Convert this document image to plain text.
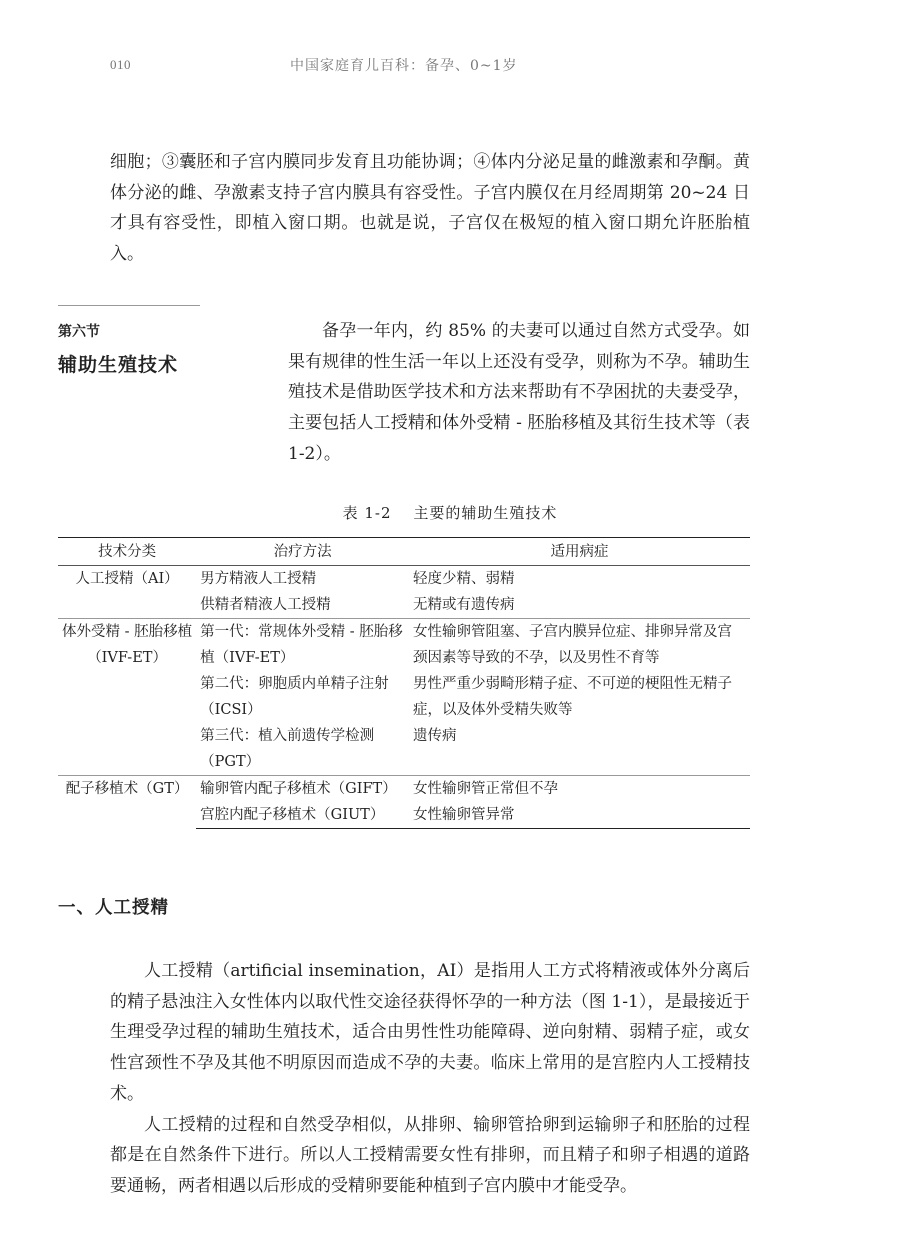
010	中国家庭育儿百科：备孕、0~1岁

细胞；③囊胚和子宫内膜同步发育且功能协调；④体内分泌足量的雌激素和孕酮。黄体分泌的雌、孕激素支持子宫内膜具有容受性。子宫内膜仅在月经周期第 20~24 日才具有容受性，即植入窗口期。也就是说，子宫仅在极短的植入窗口期允许胚胎植入。

第六节
辅助生殖技术
备孕一年内，约 85% 的夫妻可以通过自然方式受孕。如果有规律的性生活一年以上还没有受孕，则称为不孕。辅助生殖技术是借助医学技术和方法来帮助有不孕困扰的夫妻受孕，主要包括人工授精和体外受精 - 胚胎移植及其衍生技术等（表 1-2）。
表 1-2 主要的辅助生殖技术
技术分类	治疗方法	适用病症
人工授精（AI）	男方精液人工授精	轻度少精、弱精
	供精者精液人工授精	无精或有遗传病
体外受精 - 胚胎移植（IVF-ET）	第一代：常规体外受精 - 胚胎移植（IVF-ET）	女性输卵管阻塞、子宫内膜异位症、排卵异常及宫颈因素等导致的不孕，以及男性不育等
	第二代：卵胞质内单精子注射（ICSI）	男性严重少弱畸形精子症、不可逆的梗阻性无精子症，以及体外受精失败等
	第三代：植入前遗传学检测（PGT）	遗传病
配子移植术（GT）	输卵管内配子移植术（GIFT）	女性输卵管正常但不孕
	宫腔内配子移植术（GIUT）	女性输卵管异常
一、人工授精

人工授精（artificial insemination，AI）是指用人工方式将精液或体外分离后的精子悬浊注入女性体内以取代性交途径获得怀孕的一种方法（图 1-1），是最接近于生理受孕过程的辅助生殖技术，适合由男性性功能障碍、逆向射精、弱精子症，或女性宫颈性不孕及其他不明原因而造成不孕的夫妻。临床上常用的是宫腔内人工授精技术。

人工授精的过程和自然受孕相似，从排卵、输卵管拾卵到运输卵子和胚胎的过程都是在自然条件下进行。所以人工授精需要女性有排卵，而且精子和卵子相遇的道路要通畅，两者相遇以后形成的受精卵要能种植到子宫内膜中才能受孕。
